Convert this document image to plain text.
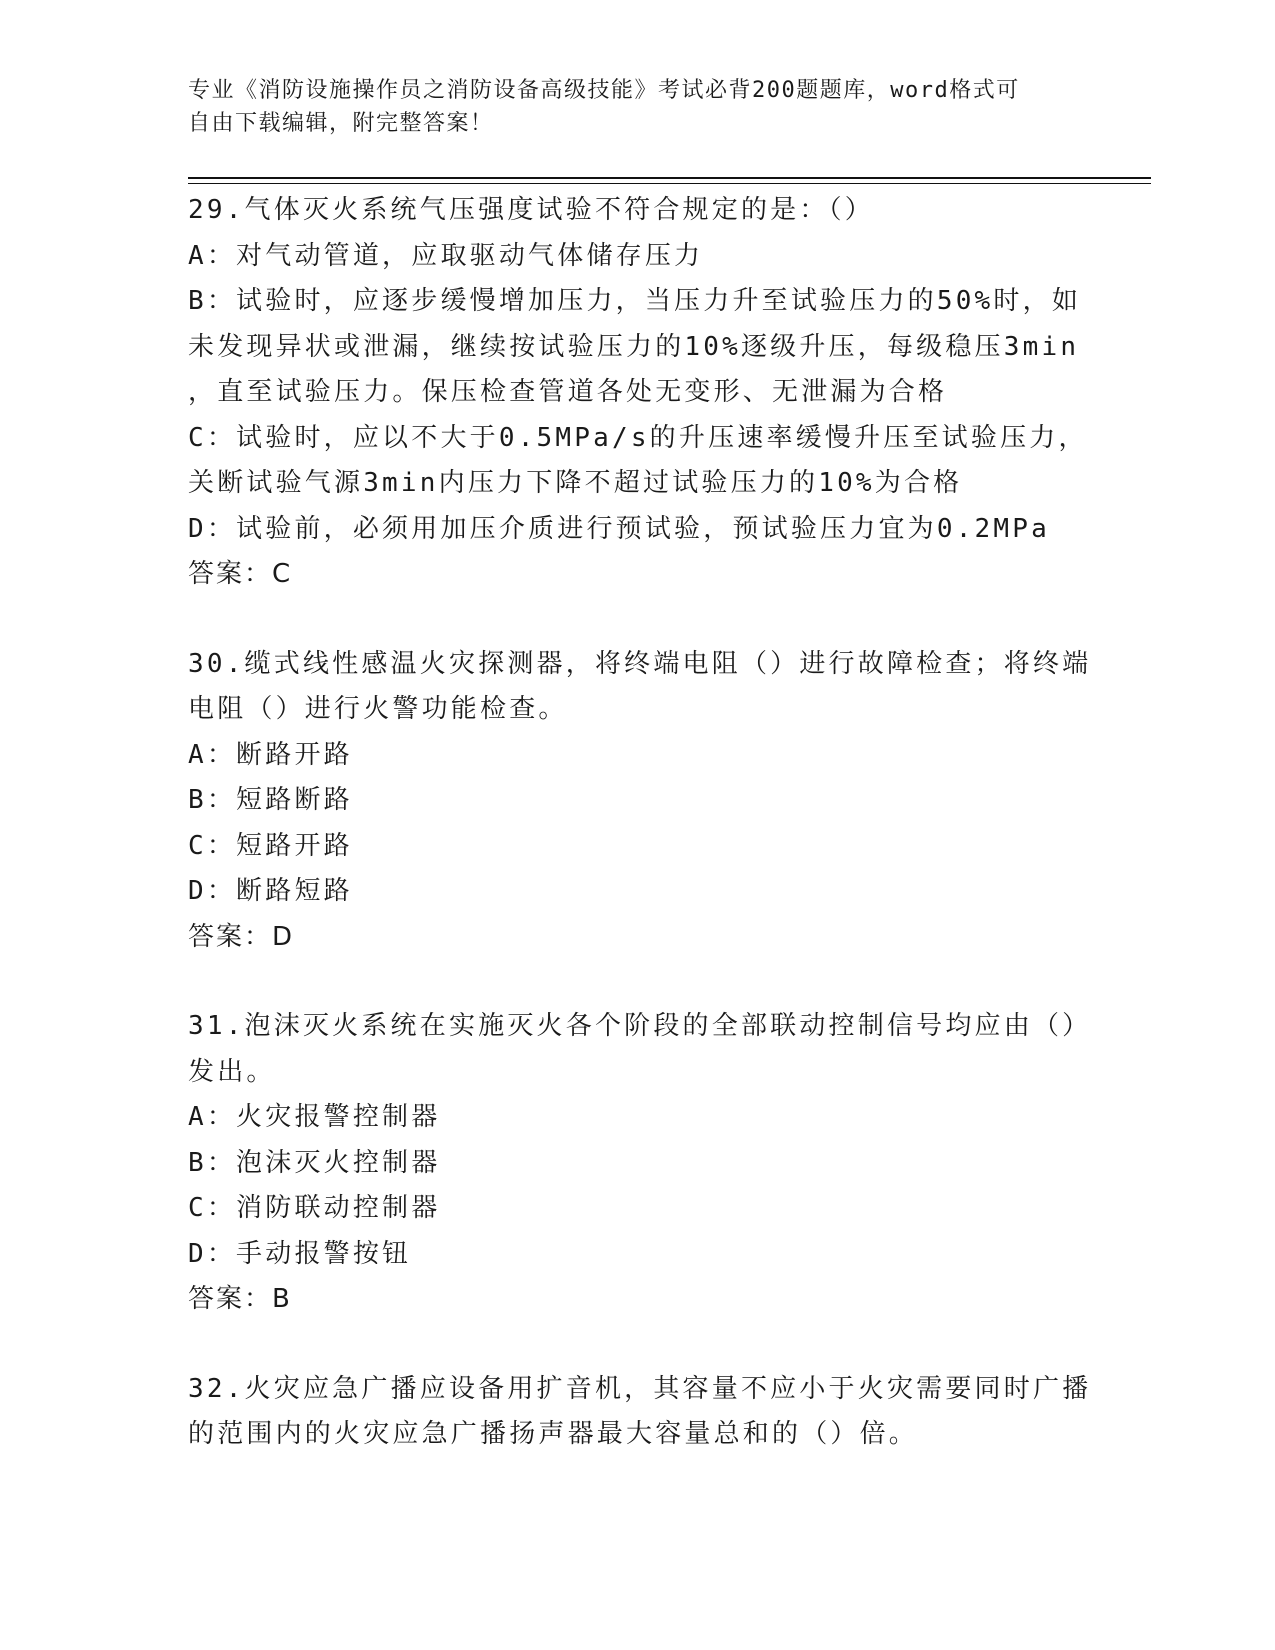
专业《消防设施操作员之消防设备高级技能》考试必背200题题库，word格式可
自由下载编辑，附完整答案！
29.气体灭火系统气压强度试验不符合规定的是：（）
A：对气动管道，应取驱动气体储存压力
B：试验时，应逐步缓慢增加压力，当压力升至试验压力的50%时，如
未发现异状或泄漏，继续按试验压力的10%逐级升压，每级稳压3min
，直至试验压力。保压检查管道各处无变形、无泄漏为合格
C：试验时，应以不大于0.5MPa/s的升压速率缓慢升压至试验压力，
关断试验气源3min内压力下降不超过试验压力的10%为合格
D：试验前，必须用加压介质进行预试验，预试验压力宜为0.2MPa
答案：C
30.缆式线性感温火灾探测器，将终端电阻（）进行故障检查；将终端
电阻（）进行火警功能检查。
A：断路开路
B：短路断路
C：短路开路
D：断路短路
答案：D
31.泡沫灭火系统在实施灭火各个阶段的全部联动控制信号均应由（）
发出。
A：火灾报警控制器
B：泡沫灭火控制器
C：消防联动控制器
D：手动报警按钮
答案：B
32.火灾应急广播应设备用扩音机，其容量不应小于火灾需要同时广播
的范围内的火灾应急广播扬声器最大容量总和的（）倍。
